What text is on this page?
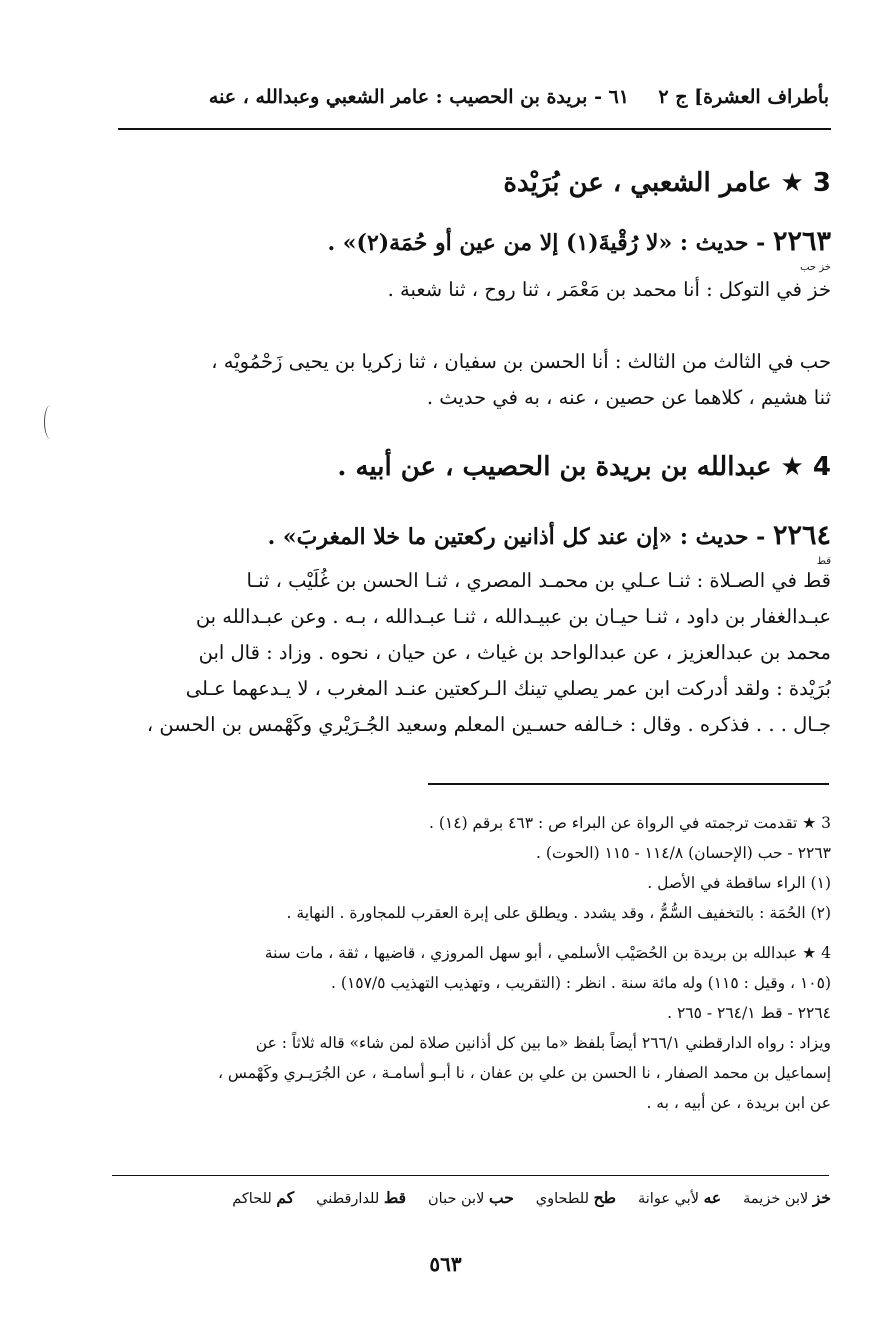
بأطراف العشرة] ج ٢
٦١ - بريدة بن الحصيب : عامر الشعبي وعبدالله ، عنه
3 ★ عامر الشعبي ، عن بُرَيْدة
٢٢٦٣ - حديث : «لا رُقْيةَ(١) إلا من عين أو حُمَة(٢)» .
خز حب
خز في التوكل : أنا محمد بن مَعْمَر ، ثنا روح ، ثنا شعبة .
حب في الثالث من الثالث : أنا الحسن بن سفيان ، ثنا زكريا بن يحيى زَحْمُويْه ،
ثنا هشيم ، كلاهما عن حصين ، عنه ، به في حديث .
4 ★ عبدالله بن بريدة بن الحصيب ، عن أبيه .
٢٢٦٤ - حديث : «إن عند كل أذانين ركعتين ما خلا المغربَ» .
قط
قط في الصـلاة : ثنـا عـلي بن محمـد المصري ، ثنـا الحسن بن غُلَيْب ، ثنـا
عبـدالغفار بن داود ، ثنـا حيـان بن عبيـدالله ، ثنـا عبـدالله ، بـه . وعن عبـدالله بن
محمد بن عبدالعزيز ، عن عبدالواحد بن غياث ، عن حيان ، نحوه . وزاد : قال ابن
بُرَيْدة : ولقد أدركت ابن عمر يصلي تينك الـركعتين عنـد المغرب ، لا يـدعهما عـلى
جـال . . . فذكره . وقال : خـالفه حسـين المعلم وسعيد الجُـرَيْري وكَهْمس بن الحسن ،
3 ★ تقدمت ترجمته في الرواة عن البراء ص : ٤٦٣ برقم (١٤) .
٢٢٦٣ - حب (الإحسان) ١١٤/٨ - ١١٥ (الحوت) .
(١) الراء ساقطة في الأصل .
(٢) الحُمَة : بالتخفيف السُّمُّ ، وقد يشدد . ويطلق على إبرة العقرب للمجاورة . النهاية .
4 ★ عبدالله بن بريدة بن الحُصَيْب الأسلمي ، أبو سهل المروزي ، قاضيها ، ثقة ، مات سنة
(١٠٥ ، وقيل : ١١٥) وله مائة سنة . انظر : (التقريب ، وتهذيب التهذيب ١٥٧/٥) .
٢٢٦٤ - قط ٢٦٤/١ - ٢٦٥ .
ويزاد : رواه الدارقطني ٢٦٦/١ أيضاً بلفظ «ما بين كل أذانين صلاة لمن شاء» قاله ثلاثاً : عن
إسماعيل بن محمد الصفار ، نا الحسن بن علي بن عفان ، نا أبـو أسامـة ، عن الجُرَيـري وكَهْمس ،
عن ابن بريدة ، عن أبيه ، به .
خز لابن خزيمة
عه لأبي عوانة
طح للطحاوي
حب لابن حبان
قط للدارقطني
كم للحاكم
٥٦٣
